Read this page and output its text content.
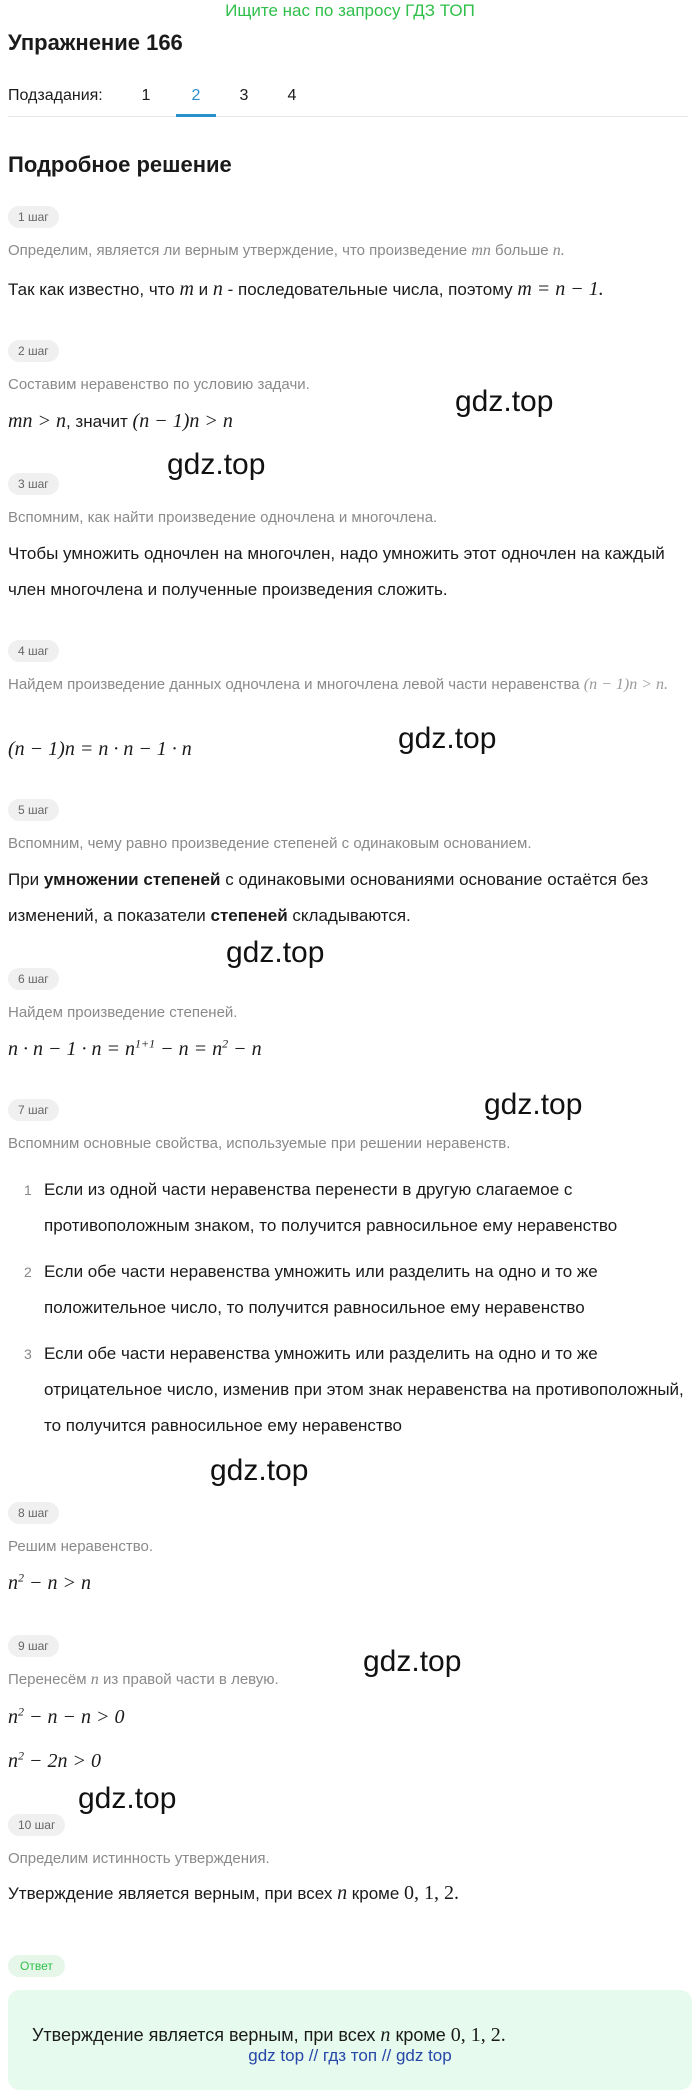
Ищите нас по запросу ГДЗ ТОП
Упражнение 166
Подзадания:	1	2	3	4
Подробное решение
1 шаг
Определим, является ли верным утверждение, что произведение mn больше n.
Так как известно, что m и n - последовательные числа, поэтому m = n − 1.
2 шаг
Составим неравенство по условию задачи.
mn > n, значит (n − 1)n > n
3 шаг
Вспомним, как найти произведение одночлена и многочлена.
Чтобы умножить одночлен на многочлен, надо умножить этот одночлен на каждый член многочлена и полученные произведения сложить.
4 шаг
Найдем произведение данных одночлена и многочлена левой части неравенства (n − 1)n > n.
(n − 1)n = n · n − 1 · n
5 шаг
Вспомним, чему равно произведение степеней с одинаковым основанием.
При умножении степеней с одинаковыми основаниями основание остаётся без изменений, а показатели степеней складываются.
6 шаг
Найдем произведение степеней.
$n \cdot n - 1 \cdot n = n^{1+1} - n = n^2 - n$
7 шаг
Вспомним основные свойства, используемые при решении неравенств.
1 Если из одной части неравенства перенести в другую слагаемое с противоположным знаком, то получится равносильное ему неравенство
2 Если обе части неравенства умножить или разделить на одно и то же положительное число, то получится равносильное ему неравенство
3 Если обе части неравенства умножить или разделить на одно и то же отрицательное число, изменив при этом знак неравенства на противоположный, то получится равносильное ему неравенство
8 шаг
Решим неравенство.
$n^2 - n > n$
9 шаг
Перенесём n из правой части в левую.
$n^2 - n - n > 0$
$n^2 - 2n > 0$
10 шаг
Определим истинность утверждения.
Утверждение является верным, при всех n кроме 0, 1, 2.
Ответ
Утверждение является верным, при всех n кроме 0, 1, 2.
gdz top // гдз топ // gdz top
gdz.top
gdz.top
gdz.top
gdz.top
gdz.top
gdz.top
gdz.top
gdz.top
